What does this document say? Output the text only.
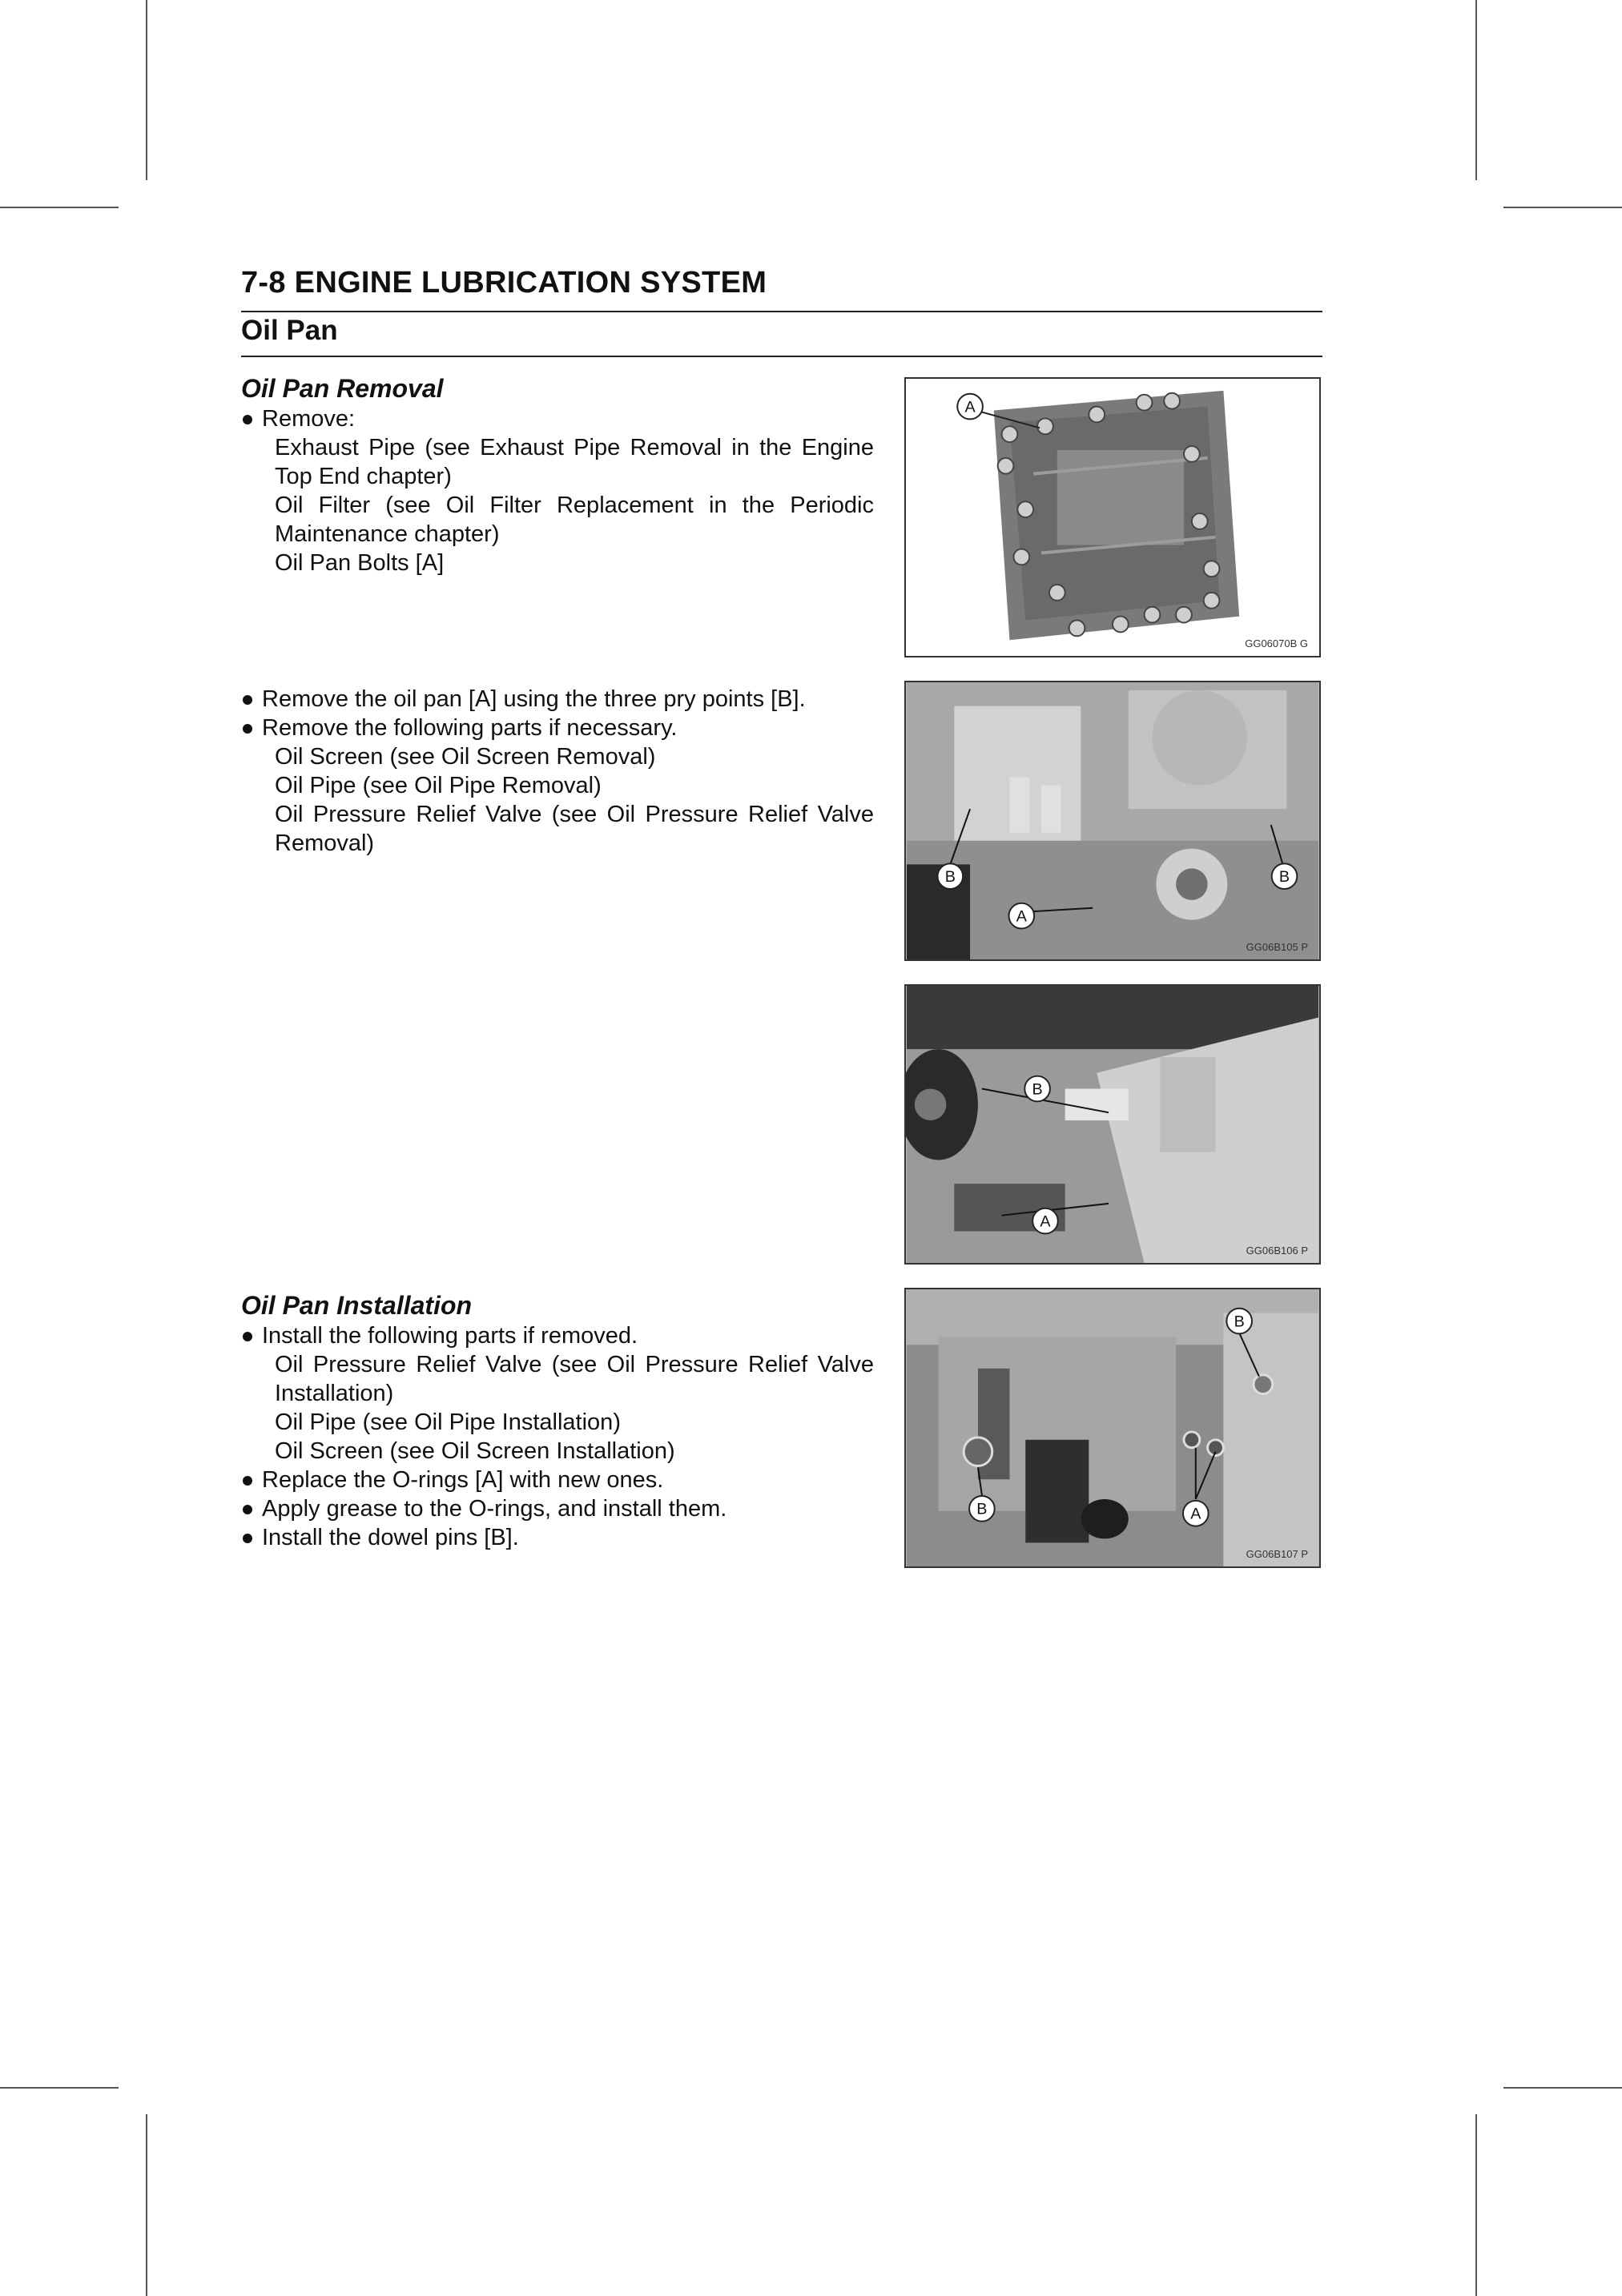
7-8 ENGINE LUBRICATION SYSTEM
Oil Pan
Oil Pan Removal
Remove:
Exhaust Pipe (see Exhaust Pipe Removal in the Engine Top End chapter)
Oil Filter (see Oil Filter Replacement in the Periodic Maintenance chapter)
Oil Pan Bolts [A]
Remove the oil pan [A] using the three pry points [B].
Remove the following parts if necessary.
Oil Screen (see Oil Screen Removal)
Oil Pipe (see Oil Pipe Removal)
Oil Pressure Relief Valve (see Oil Pressure Relief Valve Removal)
Oil Pan Installation
Install the following parts if removed.
Oil Pressure Relief Valve (see Oil Pressure Relief Valve Installation)
Oil Pipe (see Oil Pipe Installation)
Oil Screen (see Oil Screen Installation)
Replace the O-rings [A] with new ones.
Apply grease to the O-rings, and install them.
Install the dowel pins [B].
A
GG06070B G
B
A
B
GG06B105 P
B
A
GG06B106 P
B
B	A
GG06B107 P
